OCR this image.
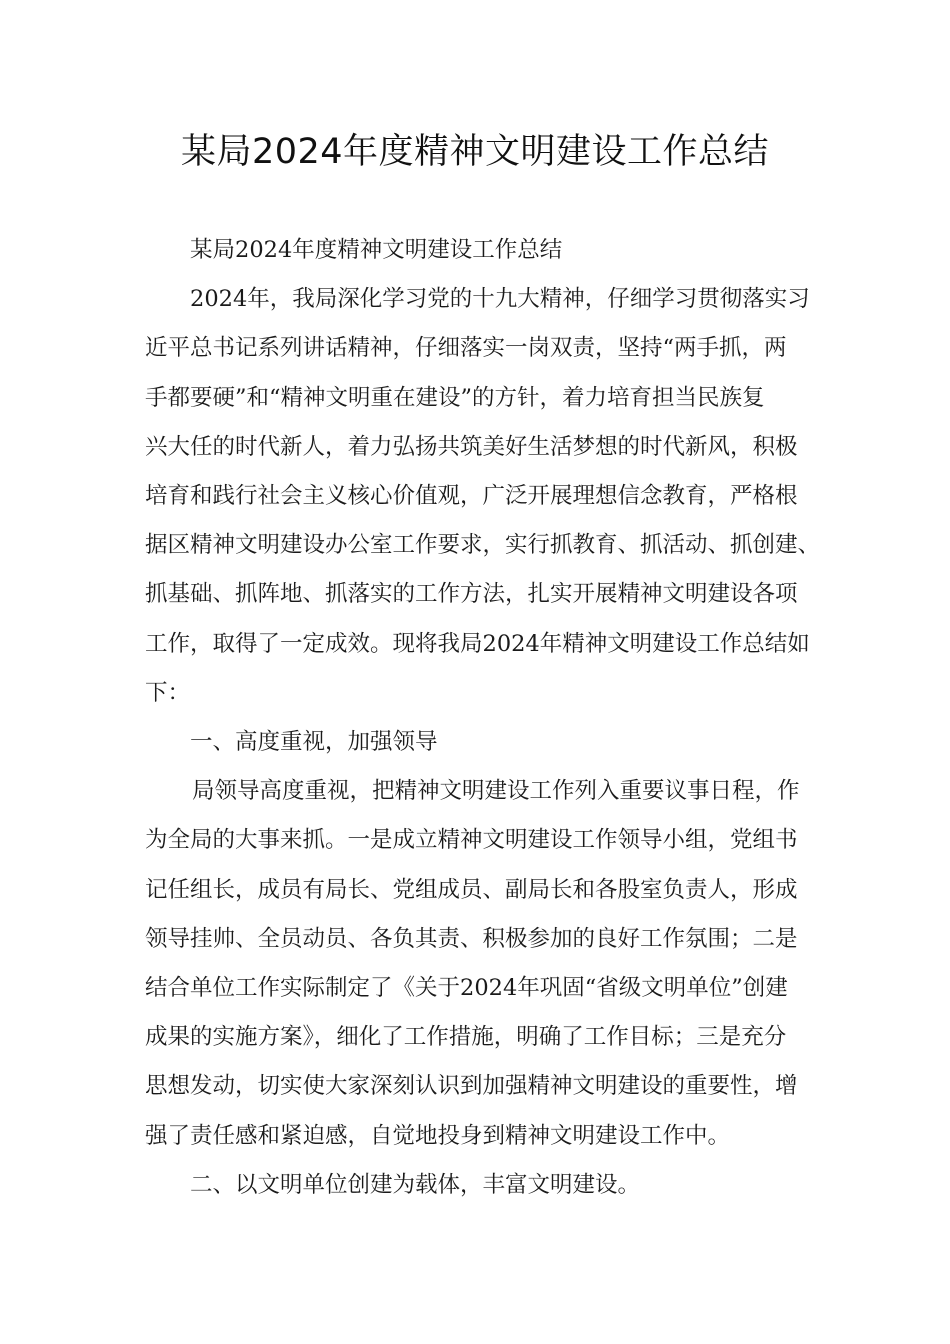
某局2024年度精神文明建设工作总结

某局2024年度精神文明建设工作总结

2024年，我局深化学习党的十九大精神，仔细学习贯彻落实习
近平总书记系列讲话精神，仔细落实一岗双责，坚持“两手抓，两
手都要硬”和“精神文明重在建设”的方针，着力培育担当民族复
兴大任的时代新人，着力弘扬共筑美好生活梦想的时代新风，积极
培育和践行社会主义核心价值观，广泛开展理想信念教育，严格根
据区精神文明建设办公室工作要求，实行抓教育、抓活动、抓创建、
抓基础、抓阵地、抓落实的工作方法，扎实开展精神文明建设各项
工作，取得了一定成效。现将我局2024年精神文明建设工作总结如
下：

一、高度重视，加强领导

局领导高度重视，把精神文明建设工作列入重要议事日程，作
为全局的大事来抓。一是成立精神文明建设工作领导小组，党组书
记任组长，成员有局长、党组成员、副局长和各股室负责人，形成
领导挂帅、全员动员、各负其责、积极参加的良好工作氛围；二是
结合单位工作实际制定了《关于2024年巩固“省级文明单位”创建
成果的实施方案》，细化了工作措施，明确了工作目标；三是充分
思想发动，切实使大家深刻认识到加强精神文明建设的重要性，增
强了责任感和紧迫感，自觉地投身到精神文明建设工作中。

二、以文明单位创建为载体，丰富文明建设。
